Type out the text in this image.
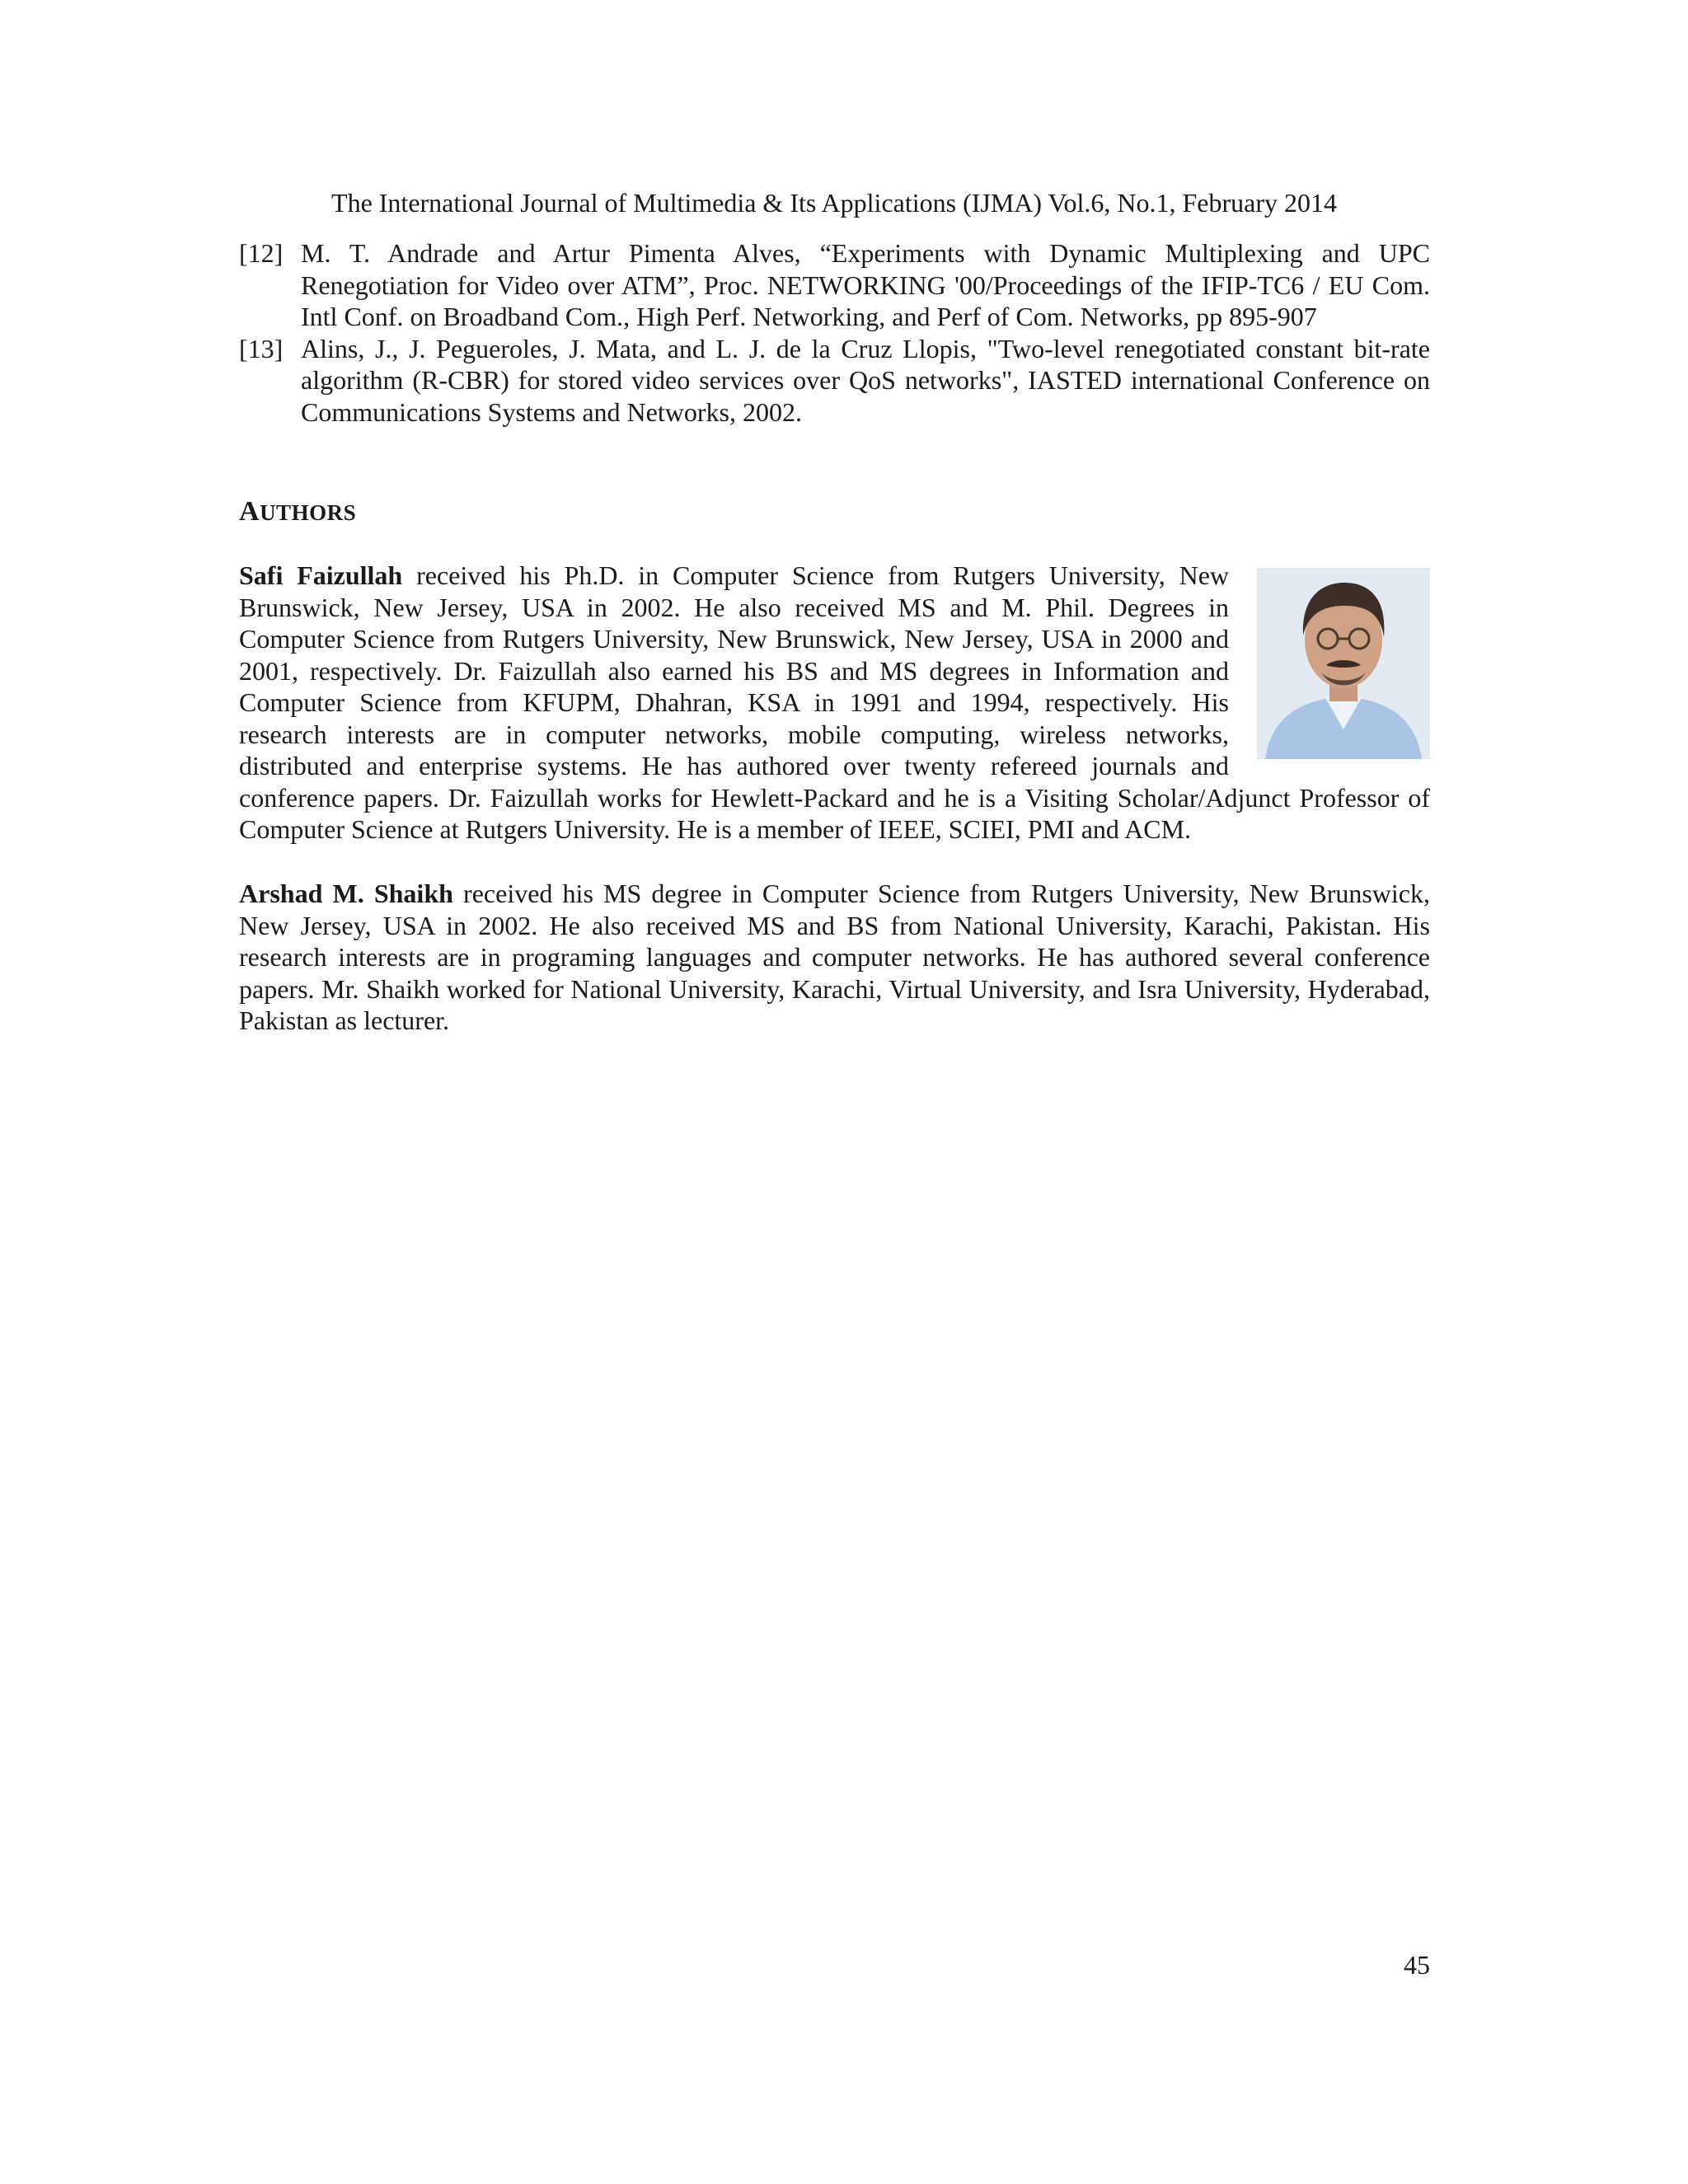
The International Journal of Multimedia & Its Applications (IJMA) Vol.6, No.1, February 2014
[12] M. T. Andrade and Artur Pimenta Alves, “Experiments with Dynamic Multiplexing and UPC Renegotiation for Video over ATM”, Proc. NETWORKING '00/Proceedings of the IFIP-TC6 / EU Com. Intl Conf. on Broadband Com., High Perf. Networking, and Perf of Com. Networks, pp 895-907
[13] Alins, J., J. Pegueroles, J. Mata, and L. J. de la Cruz Llopis, "Two-level renegotiated constant bit-rate algorithm (R-CBR) for stored video services over QoS networks", IASTED international Conference on Communications Systems and Networks, 2002.
AUTHORS
Safi Faizullah received his Ph.D. in Computer Science from Rutgers University, New Brunswick, New Jersey, USA in 2002. He also received MS and M. Phil. Degrees in Computer Science from Rutgers University, New Brunswick, New Jersey, USA in 2000 and 2001, respectively. Dr. Faizullah also earned his BS and MS degrees in Information and Computer Science from KFUPM, Dhahran, KSA in 1991 and 1994, respectively. His research interests are in computer networks, mobile computing, wireless networks, distributed and enterprise systems. He has authored over twenty refereed journals and conference papers. Dr. Faizullah works for Hewlett-Packard and he is a Visiting Scholar/Adjunct Professor of Computer Science at Rutgers University. He is a member of IEEE, SCIEI, PMI and ACM.
Arshad M. Shaikh received his MS degree in Computer Science from Rutgers University, New Brunswick, New Jersey, USA in 2002. He also received MS and BS from National University, Karachi, Pakistan. His research interests are in programing languages and computer networks. He has authored several conference papers. Mr. Shaikh worked for National University, Karachi, Virtual University, and Isra University, Hyderabad, Pakistan as lecturer.
45
